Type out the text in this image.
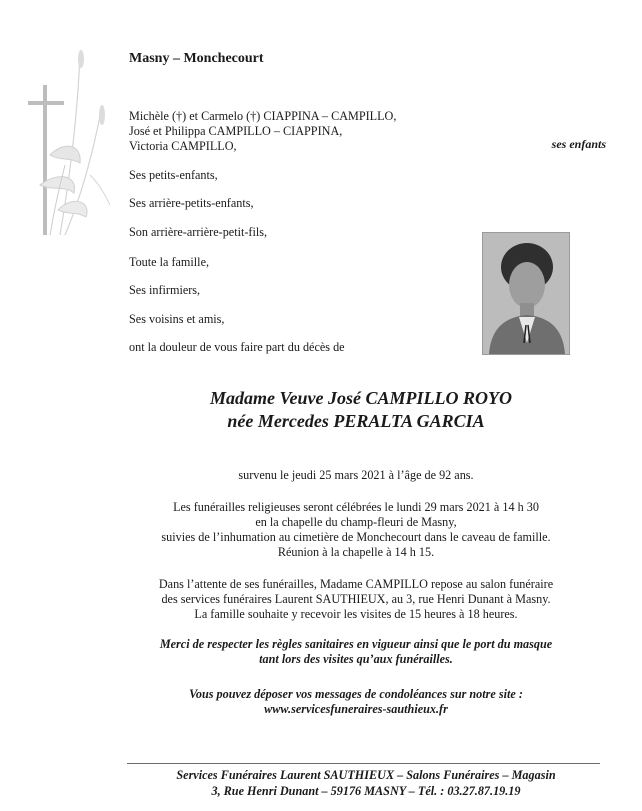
Masny – Monchecourt
Michèle (†) et Carmelo (†) CIAPPINA – CAMPILLO,
José et Philippa CAMPILLO – CIAPPINA,
Victoria CAMPILLO,	ses enfants
Ses petits-enfants,
Ses arrière-petits-enfants,
Son arrière-arrière-petit-fils,
Toute la famille,
Ses infirmiers,
Ses voisins et amis,
ont la douleur de vous faire part du décès de
Madame Veuve José CAMPILLO ROYO
née Mercedes PERALTA GARCIA
survenu le jeudi 25 mars 2021 à l’âge de 92 ans.
Les funérailles religieuses seront célébrées le lundi 29 mars 2021 à 14 h 30
en la chapelle du champ-fleuri de Masny,
suivies de l’inhumation au cimetière de Monchecourt dans le caveau de famille.
Réunion à la chapelle à 14 h 15.
Dans l’attente de ses funérailles, Madame CAMPILLO repose au salon funéraire
des services funéraires Laurent SAUTHIEUX, au 3, rue Henri Dunant à Masny.
La famille souhaite y recevoir les visites de 15 heures à 18 heures.
Merci de respecter les règles sanitaires en vigueur ainsi que le port du masque
tant lors des visites qu’aux funérailles.
Vous pouvez déposer vos messages de condoléances sur notre site :
www.servicesfuneraires-sauthieux.fr
Services Funéraires Laurent SAUTHIEUX – Salons Funéraires – Magasin
3, Rue Henri Dunant – 59176 MASNY – Tél. : 03.27.87.19.19
